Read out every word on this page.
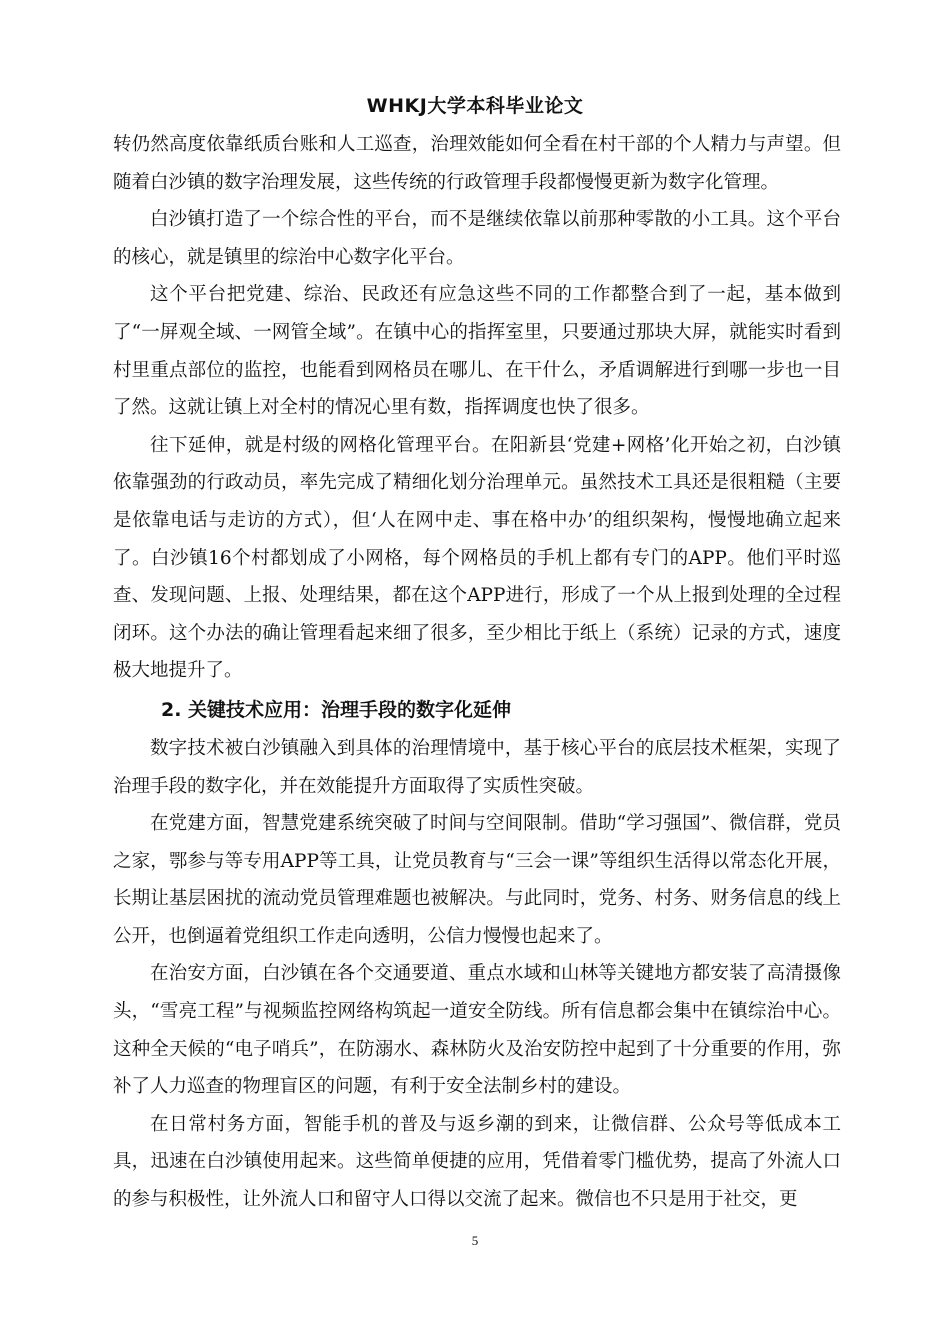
WHKJ大学本科毕业论文

转仍然高度依靠纸质台账和人工巡查，治理效能如何全看在村干部的个人精力与声望。但随着白沙镇的数字治理发展，这些传统的行政管理手段都慢慢更新为数字化管理。

白沙镇打造了一个综合性的平台，而不是继续依靠以前那种零散的小工具。这个平台的核心，就是镇里的综治中心数字化平台。

这个平台把党建、综治、民政还有应急这些不同的工作都整合到了一起，基本做到了“一屏观全域、一网管全域”。在镇中心的指挥室里，只要通过那块大屏，就能实时看到村里重点部位的监控，也能看到网格员在哪儿、在干什么，矛盾调解进行到哪一步也一目了然。这就让镇上对全村的情况心里有数，指挥调度也快了很多。

往下延伸，就是村级的网格化管理平台。在阳新县‘党建+网格’化开始之初，白沙镇依靠强劲的行政动员，率先完成了精细化划分治理单元。虽然技术工具还是很粗糙（主要是依靠电话与走访的方式），但‘人在网中走、事在格中办’的组织架构，慢慢地确立起来了。白沙镇16个村都划成了小网格，每个网格员的手机上都有专门的APP。他们平时巡查、发现问题、上报、处理结果，都在这个APP进行，形成了一个从上报到处理的全过程闭环。这个办法的确让管理看起来细了很多，至少相比于纸上（系统）记录的方式，速度极大地提升了。

2. 关键技术应用：治理手段的数字化延伸

数字技术被白沙镇融入到具体的治理情境中，基于核心平台的底层技术框架，实现了治理手段的数字化，并在效能提升方面取得了实质性突破。

在党建方面，智慧党建系统突破了时间与空间限制。借助“学习强国”、微信群，党员之家，鄂参与等专用APP等工具，让党员教育与“三会一课”等组织生活得以常态化开展，长期让基层困扰的流动党员管理难题也被解决。与此同时，党务、村务、财务信息的线上公开，也倒逼着党组织工作走向透明，公信力慢慢也起来了。

在治安方面，白沙镇在各个交通要道、重点水域和山林等关键地方都安装了高清摄像头，“雪亮工程”与视频监控网络构筑起一道安全防线。所有信息都会集中在镇综治中心。这种全天候的“电子哨兵”，在防溺水、森林防火及治安防控中起到了十分重要的作用，弥补了人力巡查的物理盲区的问题，有利于安全法制乡村的建设。

在日常村务方面，智能手机的普及与返乡潮的到来，让微信群、公众号等低成本工具，迅速在白沙镇使用起来。这些简单便捷的应用，凭借着零门槛优势，提高了外流人口的参与积极性，让外流人口和留守人口得以交流了起来。微信也不只是用于社交，更

5
